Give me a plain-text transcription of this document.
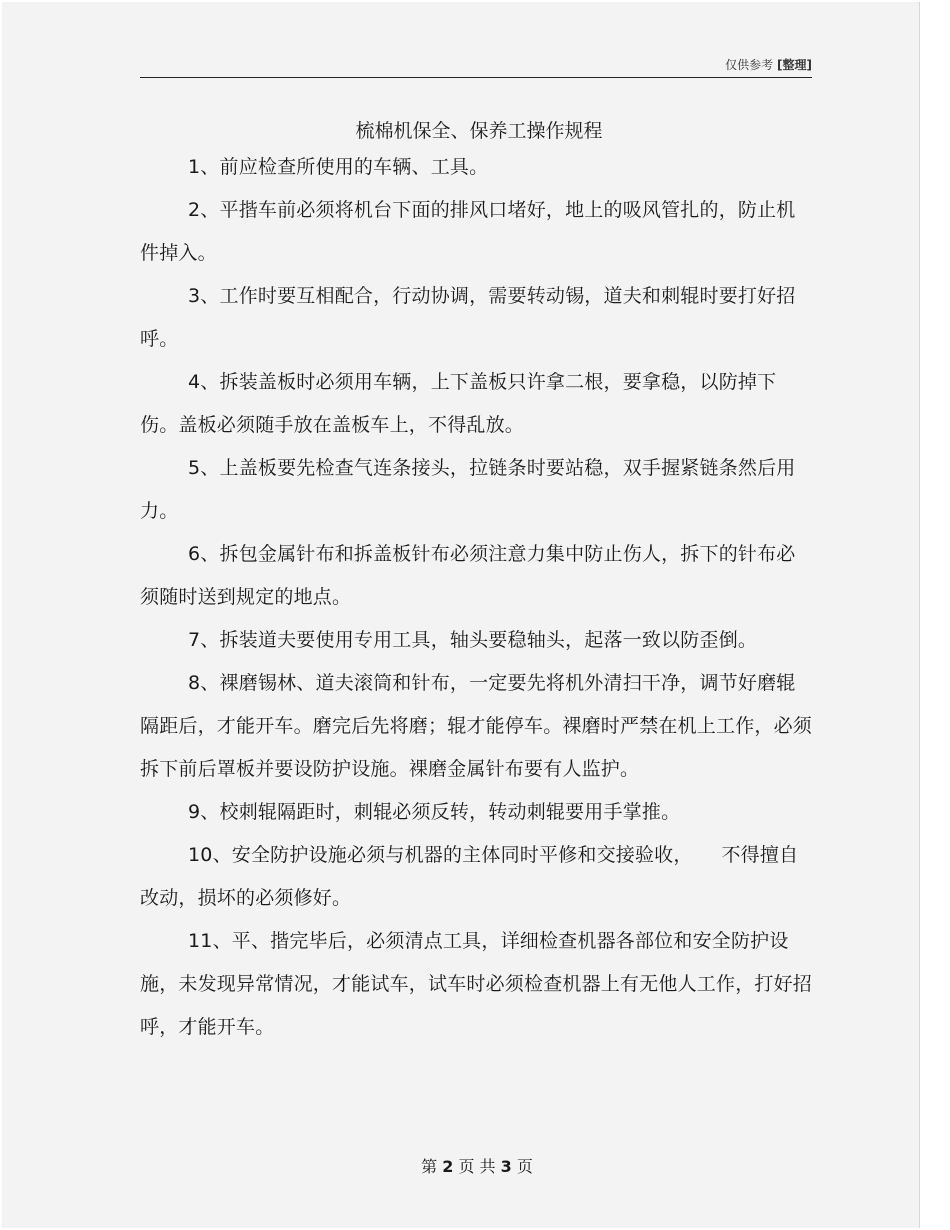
仅供参考 [整理]
梳棉机保全、保养工操作规程

1、前应检查所使用的车辆、工具。

2、平揩车前必须将机台下面的排风口堵好，地上的吸风管扎的，防止机件掉入。

3、工作时要互相配合，行动协调，需要转动锡，道夫和刺辊时要打好招呼。

4、拆装盖板时必须用车辆，上下盖板只许拿二根，要拿稳，以防掉下伤。盖板必须随手放在盖板车上，不得乱放。

5、上盖板要先检查气连条接头，拉链条时要站稳，双手握紧链条然后用力。

6、拆包金属针布和拆盖板针布必须注意力集中防止伤人，拆下的针布必须随时送到规定的地点。

7、拆装道夫要使用专用工具，轴头要稳轴头，起落一致以防歪倒。

8、裸磨锡林、道夫滚筒和针布，一定要先将机外清扫干净，调节好磨辊隔距后，才能开车。磨完后先将磨；辊才能停车。裸磨时严禁在机上工作，必须拆下前后罩板并要设防护设施。裸磨金属针布要有人监护。

9、校刺辊隔距时，刺辊必须反转，转动刺辊要用手掌推。

10、安全防护设施必须与机器的主体同时平修和交接验收，　　不得擅自改动，损坏的必须修好。

11、平、揩完毕后，必须清点工具，详细检查机器各部位和安全防护设施，未发现异常情况，才能试车，试车时必须检查机器上有无他人工作，打好招呼，才能开车。

第 2 页 共 3 页
